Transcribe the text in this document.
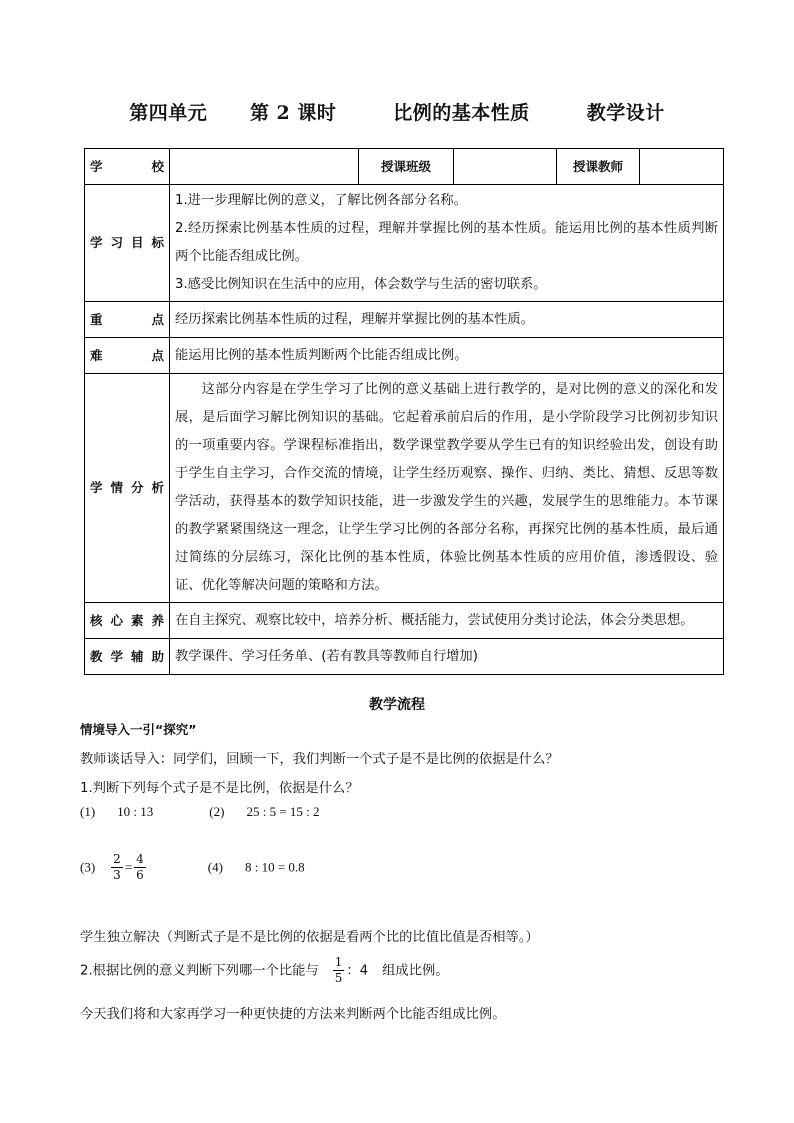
第四单元      第 2 课时        比例的基本性质        教学设计
学 校		授课班级		授课教师	
学习目标	1.进一步理解比例的意义，了解比例各部分名称。

2.经历探索比例基本性质的过程，理解并掌握比例的基本性质。能运用比例的基本性质判断两个比能否组成比例。

3.感受比例知识在生活中的应用，体会数学与生活的密切联系。				

重 点	经历探索比例基本性质的过程，理解并掌握比例的基本性质。				
难 点	能运用比例的基本性质判断两个比能否组成比例。				
学情分析	这部分内容是在学生学习了比例的意义基础上进行教学的，是对比例的意义的深化和发展，是后面学习解比例知识的基础。它起着承前启后的作用，是小学阶段学习比例初步知识的一项重要内容。学课程标准指出，数学课堂教学要从学生已有的知识经验出发，创设有助于学生自主学习，合作交流的情境，让学生经历观察、操作、归纳、类比、猜想、反思等数学活动，获得基本的数学知识技能，进一步激发学生的兴趣，发展学生的思维能力。本节课的教学紧紧围绕这一理念，让学生学习比例的各部分名称，再探究比例的基本性质，最后通过简练的分层练习，深化比例的基本性质，体验比例基本性质的应用价值，渗透假设、验证、优化等解决问题的策略和方法。				

核心素养	在自主探究、观察比较中，培养分析、概括能力，尝试使用分类讨论法，体会分类思想。				
教学辅助	教学课件、学习任务单、(若有教具等教师自行增加)				
教学流程
情境导入一引“探究”
教师谈话导入：同学们，回顾一下，我们判断一个式子是不是比例的依据是什么？
1.判断下列每个式子是不是比例，依据是什么？
(1) 10 : 13	(2) 25 : 5 = 15 : 2
$(3) \frac{2}{3} = \frac{4}{6}$	(4) 8 : 10 = 0.8
学生独立解决（判断式子是不是比例的依据是看两个比的比值比值是否相等。）
2.根据比例的意义判断下列哪一个比能与 $\frac{1}{5}$ ：4 组成比例。
今天我们将和大家再学习一种更快捷的方法来判断两个比能否组成比例。
